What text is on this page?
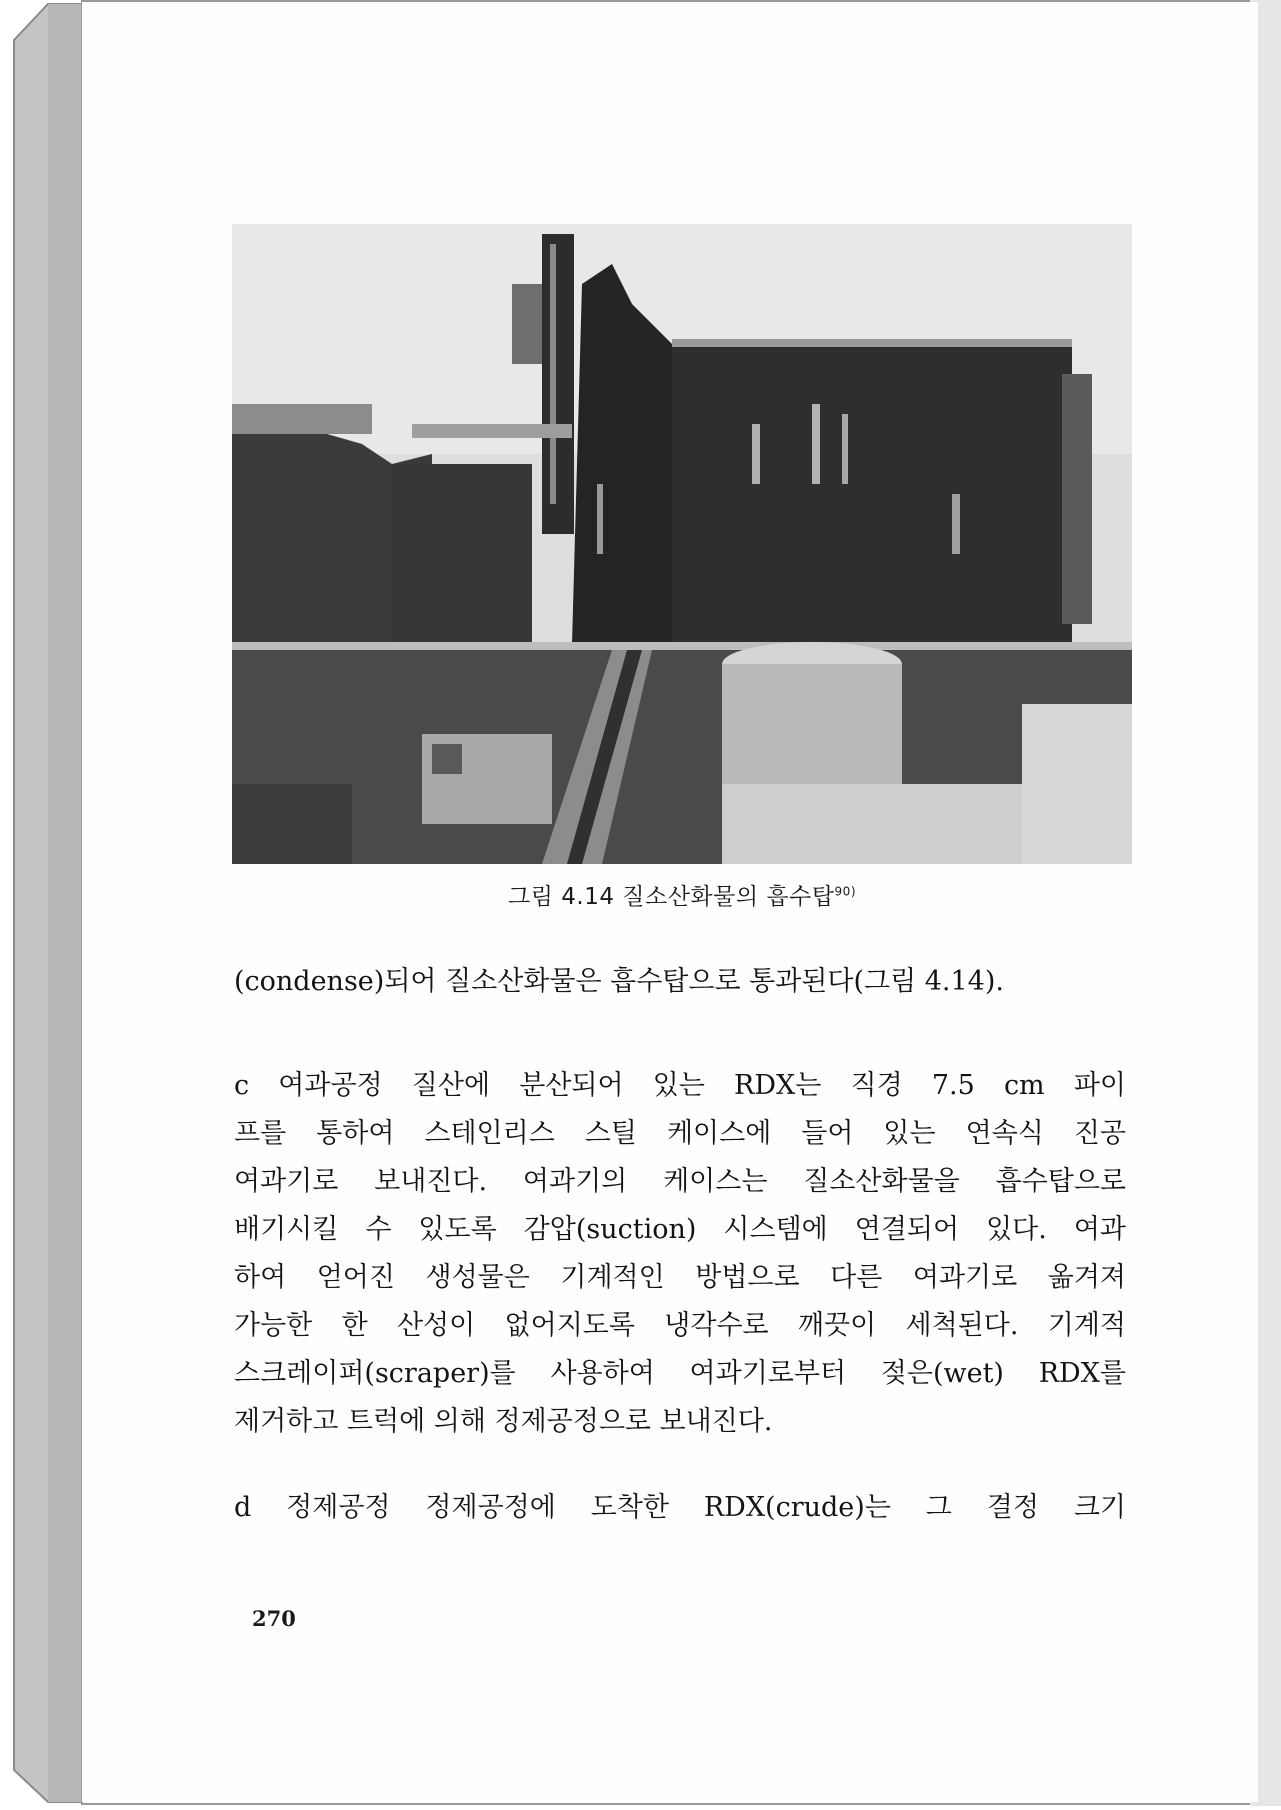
그림 4.14 질소산화물의 흡수탑$^{90)}$
(condense)되어 질소산화물은 흡수탑으로 통과된다(그림 4.14).
c 여과공정 질산에 분산되어 있는 RDX는 직경 7.5 cm 파이
프를 통하여 스테인리스 스틸 케이스에 들어 있는 연속식 진공
여과기로 보내진다. 여과기의 케이스는 질소산화물을 흡수탑으로
배기시킬 수 있도록 감압(suction) 시스템에 연결되어 있다. 여과
하여 얻어진 생성물은 기계적인 방법으로 다른 여과기로 옮겨져
가능한 한 산성이 없어지도록 냉각수로 깨끗이 세척된다. 기계적
스크레이퍼(scraper)를 사용하여 여과기로부터 젖은(wet) RDX를
제거하고 트럭에 의해 정제공정으로 보내진다.
d 정제공정 정제공정에 도착한 RDX(crude)는 그 결정 크기
270
